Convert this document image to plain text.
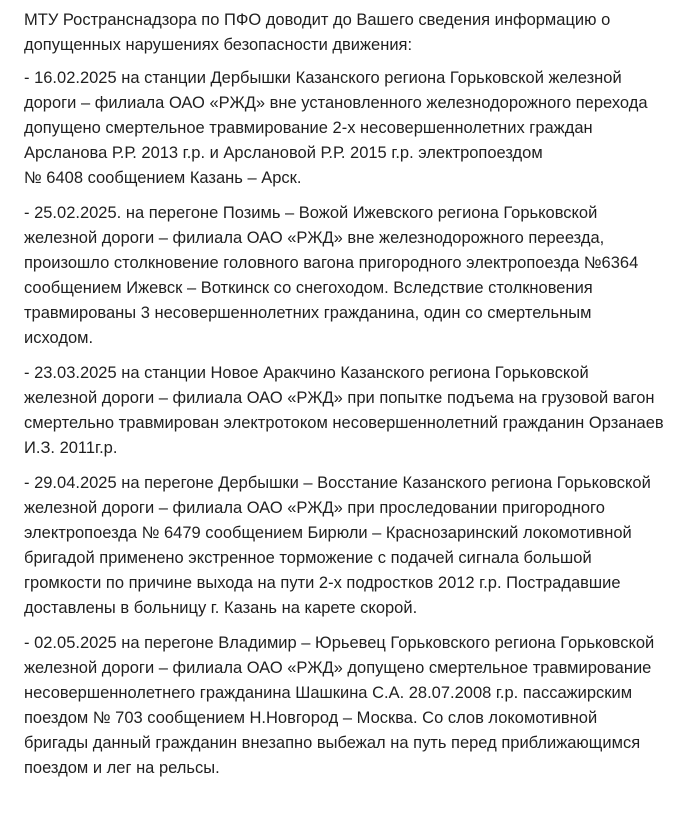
МТУ Ространснадзора по ПФО доводит до Вашего сведения информацию о допущенных нарушениях безопасности движения:

- 16.02.2025 на станции Дербышки Казанского региона Горьковской железной дороги – филиала ОАО «РЖД» вне установленного железнодорожного перехода допущено смертельное травмирование 2-х несовершеннолетних граждан Арсланова Р.Р. 2013 г.р. и Арслановой Р.Р. 2015 г.р. электропоездом
№ 6408 сообщением Казань – Арск.

- 25.02.2025. на перегоне Позимь – Вожой Ижевского региона Горьковской железной дороги – филиала ОАО «РЖД» вне железнодорожного переезда, произошло столкновение головного вагона пригородного электропоезда №6364 сообщением Ижевск – Воткинск со снегоходом. Вследствие столкновения травмированы 3 несовершеннолетних гражданина, один со смертельным исходом.

- 23.03.2025 на станции Новое Аракчино Казанского региона Горьковской железной дороги – филиала ОАО «РЖД» при попытке подъема на грузовой вагон смертельно травмирован электротоком несовершеннолетний гражданин Орзанаев И.З. 2011г.р.

- 29.04.2025 на перегоне Дербышки – Восстание Казанского региона Горьковской железной дороги – филиала ОАО «РЖД» при проследовании пригородного электропоезда № 6479 сообщением Бирюли – Краснозаринский локомотивной бригадой применено экстренное торможение с подачей сигнала большой громкости по причине выхода на пути 2-х подростков 2012 г.р. Пострадавшие доставлены в больницу г. Казань на карете скорой.

- 02.05.2025 на перегоне Владимир – Юрьевец Горьковского региона Горьковской железной дороги – филиала ОАО «РЖД» допущено смертельное травмирование несовершеннолетнего гражданина Шашкина С.А. 28.07.2008 г.р. пассажирским поездом № 703 сообщением Н.Новгород – Москва. Со слов локомотивной бригады данный гражданин внезапно выбежал на путь перед приближающимся поездом и лег на рельсы.
